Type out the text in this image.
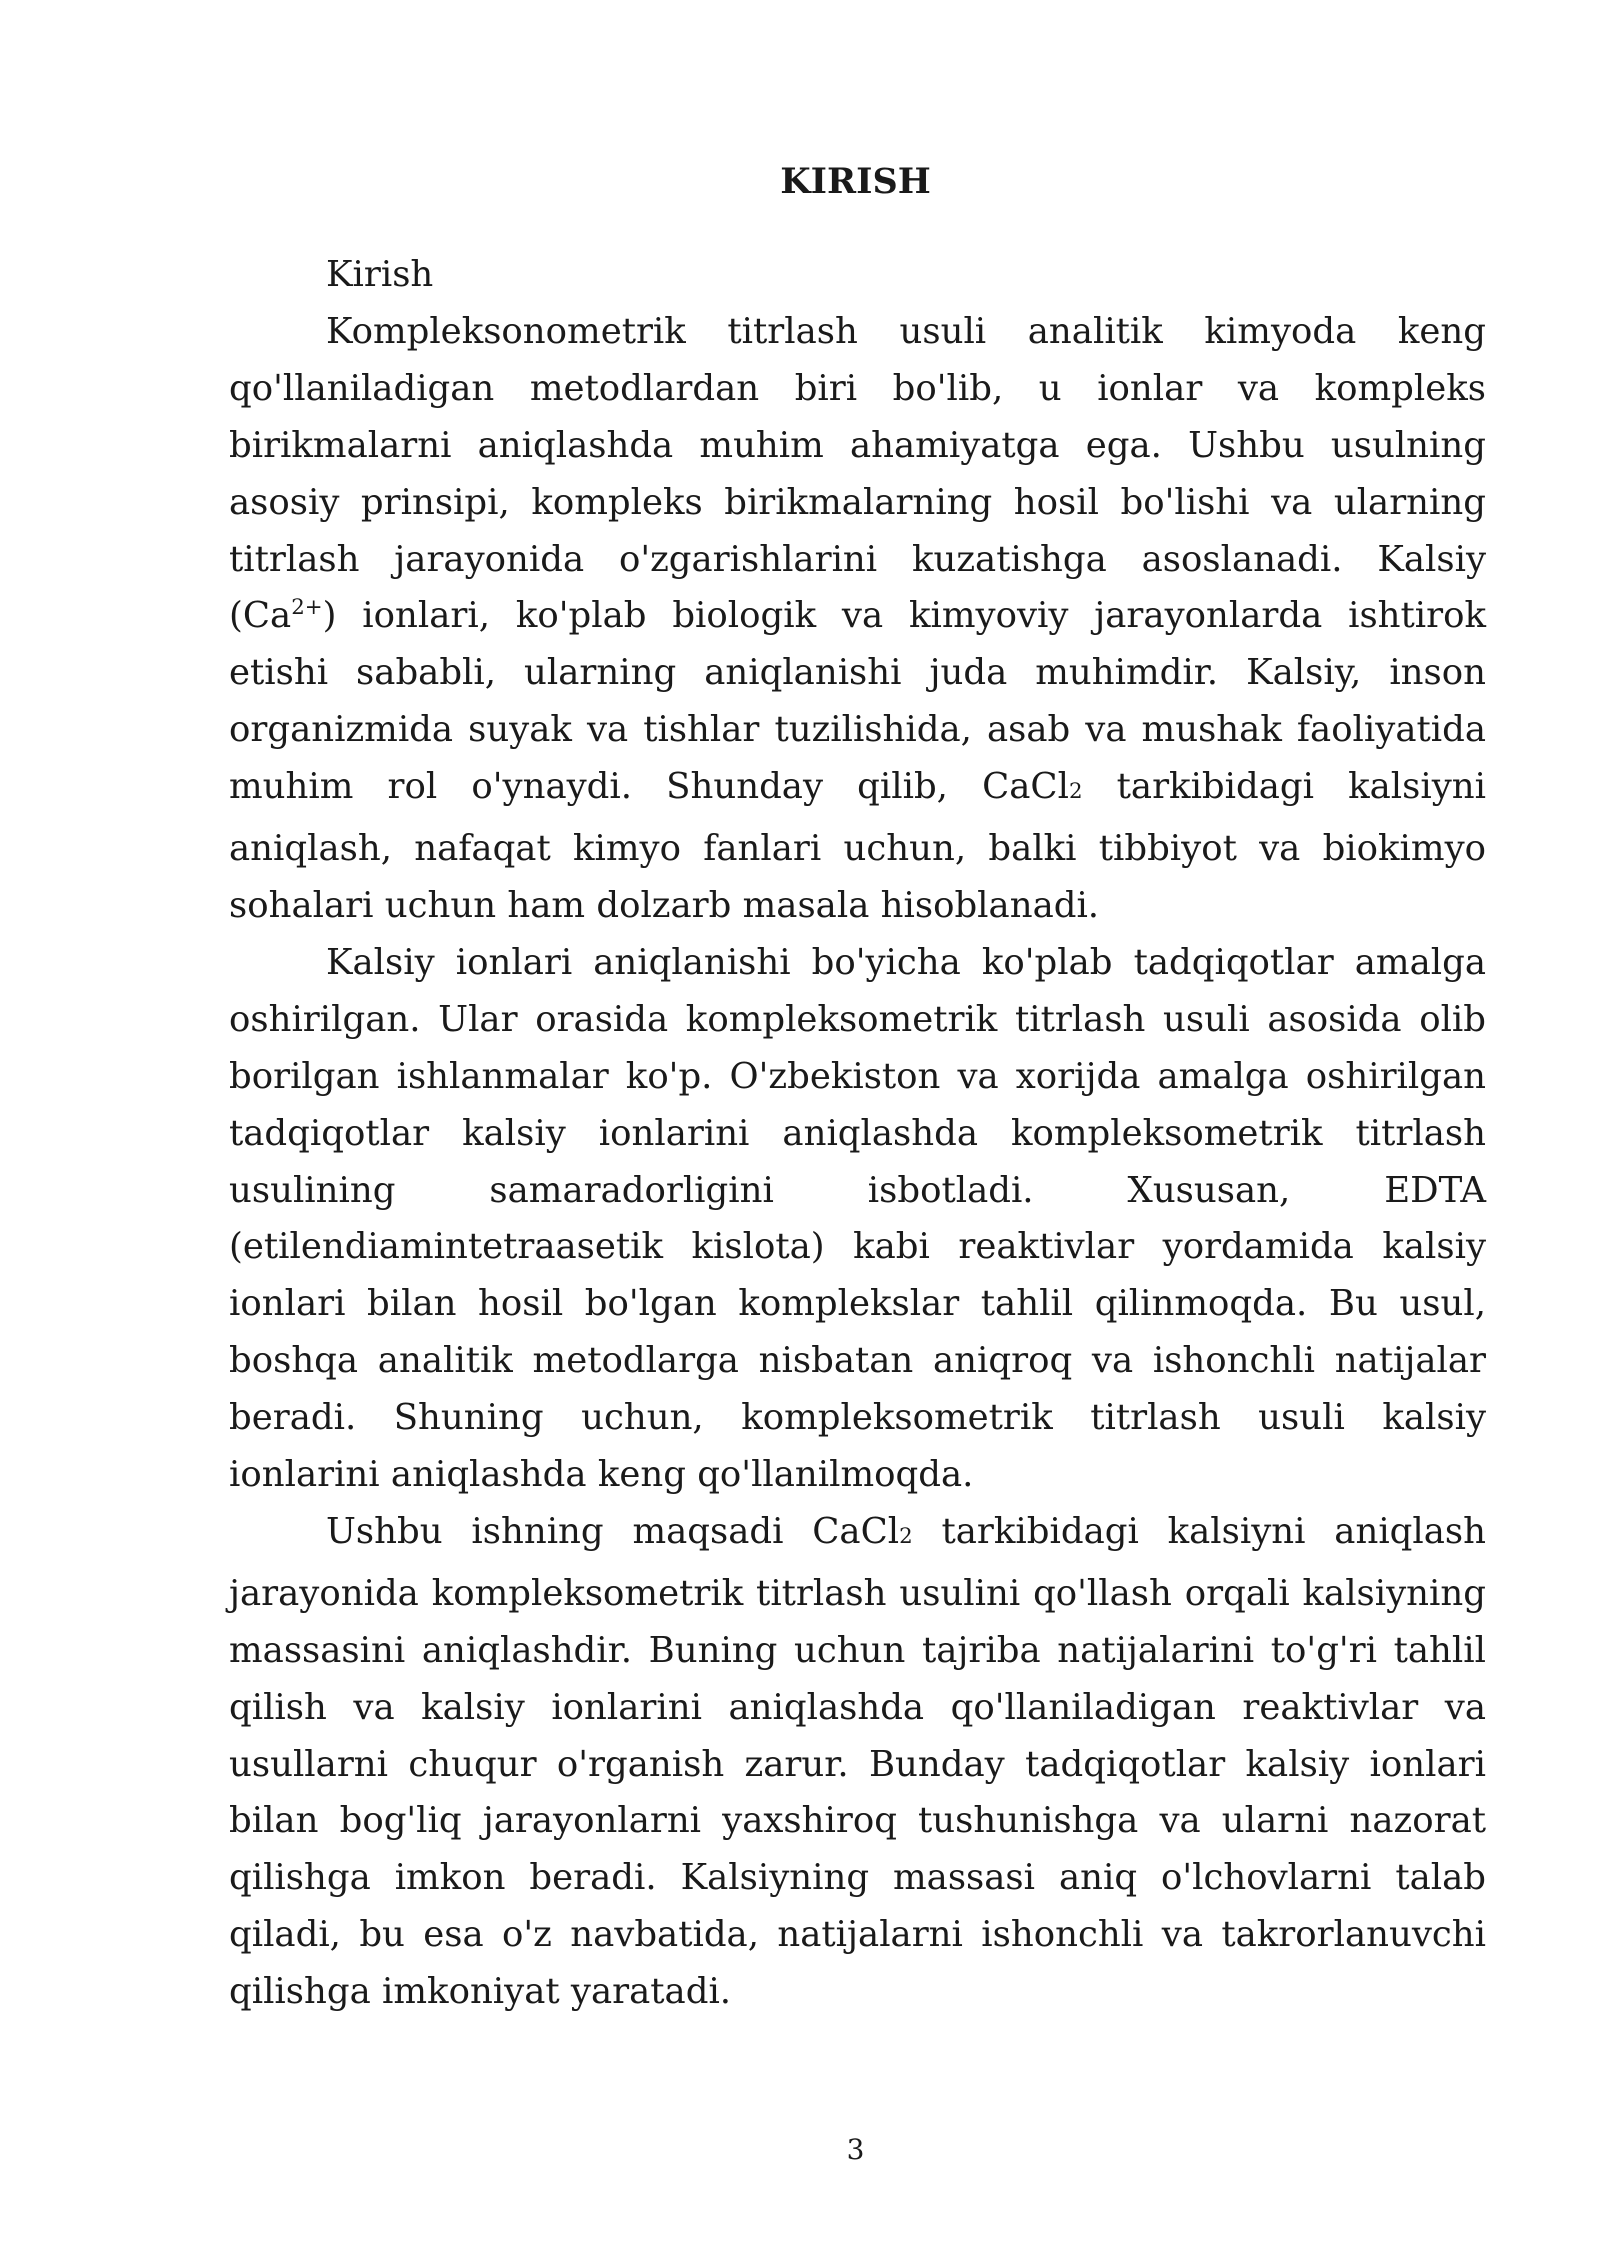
KIRISH

Kirish

Kompleksonometrik titrlash usuli analitik kimyoda keng qo'llaniladigan metodlardan biri bo'lib, u ionlar va kompleks birikmalarni aniqlashda muhim ahamiyatga ega. Ushbu usulning asosiy prinsipi, kompleks birikmalarning hosil bo'lishi va ularning titrlash jarayonida o'zgarishlarini kuzatishga asoslanadi. Kalsiy $(Ca^{2+})$ ionlari, ko'plab biologik va kimyoviy jarayonlarda ishtirok etishi sababli, ularning aniqlanishi juda muhimdir. Kalsiy, inson organizmida suyak va tishlar tuzilishida, asab va mushak faoliyatida muhim rol o'ynaydi. Shunday qilib, CaCl2 tarkibidagi kalsiyni aniqlash, nafaqat kimyo fanlari uchun, balki tibbiyot va biokimyo sohalari uchun ham dolzarb masala hisoblanadi.

Kalsiy ionlari aniqlanishi bo'yicha ko'plab tadqiqotlar amalga oshirilgan. Ular orasida kompleksometrik titrlash usuli asosida olib borilgan ishlanmalar ko'p. O'zbekiston va xorijda amalga oshirilgan tadqiqotlar kalsiy ionlarini aniqlashda kompleksometrik titrlash usulining samaradorligini isbotladi. Xususan, EDTA (etilendiamintetraasetik kislota) kabi reaktivlar yordamida kalsiy ionlari bilan hosil bo'lgan komplekslar tahlil qilinmoqda. Bu usul, boshqa analitik metodlarga nisbatan aniqroq va ishonchli natijalar beradi. Shuning uchun, kompleksometrik titrlash usuli kalsiy ionlarini aniqlashda keng qo'llanilmoqda.

Ushbu ishning maqsadi CaCl2 tarkibidagi kalsiyni aniqlash jarayonida kompleksometrik titrlash usulini qo'llash orqali kalsiyning massasini aniqlashdir. Buning uchun tajriba natijalarini to'g'ri tahlil qilish va kalsiy ionlarini aniqlashda qo'llaniladigan reaktivlar va usullarni chuqur o'rganish zarur. Bunday tadqiqotlar kalsiy ionlari bilan bog'liq jarayonlarni yaxshiroq tushunishga va ularni nazorat qilishga imkon beradi. Kalsiyning massasi aniq o'lchovlarni talab qiladi, bu esa o'z navbatida, natijalarni ishonchli va takrorlanuvchi qilishga imkoniyat yaratadi.

3
